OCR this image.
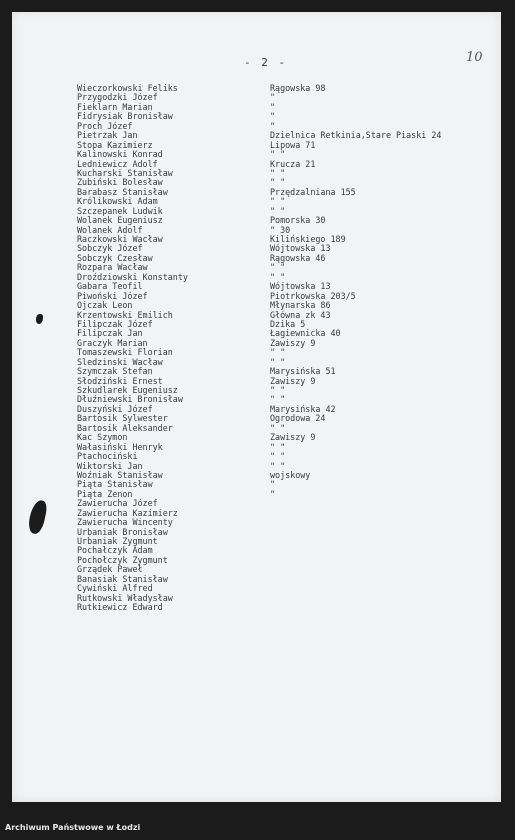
- 2 -	10
Wieczorkowski Feliks	Rągowska 98
Przygodzki Józef	"
Fieklarn Marian	"
Fidrysiak Bronisław	"
Proch Józef	"
Pietrzak Jan	Dzielnica Retkinia,Stare Piaski 24
Stopa Kazimierz	Lipowa 71
Kalinowski Konrad	" "
Ledniewicz Adolf	Krucza 21
Kucharski Stanisław	" "
Zubiński Bolesław	" "
Barabasz Stanisław	Przędzalniana 155
Królikowski Adam	" "
Szczepanek Ludwik	" "
Wolanek Eugeniusz	Pomorska 30
Wolanek Adolf	" 30
Raczkowski Wacław	Kilińskiego 189
Sobczyk Józef	Wójtowska 13
Sobczyk Czesław	Rągowska 46
Rozpara Wacław	" "
Droździowski Konstanty	" "
Gabara Teofil	Wójtowska 13
Piwoński Józef	Piotrkowska 203/5
Ojczak Leon	Młynarska 86
Krzentowski Emilich	Główna zk 43
Filipczak Józef	Dzika 5
Filipczak Jan	Łagiewnicka 40
Graczyk Marian	Zawiszy 9
Tomaszewski Florian	" "
Sledzinski Wacław	" "
Szymczak Stefan	Marysińska 51
Słodziński Ernest	Zawiszy 9
Szkudlarek Eugeniusz	" "
Dłuźniewski Bronisław	" "
Duszyński Józef	Marysińska 42
Bartosik Sylwester	Ogrodowa 24
Bartosik Aleksander	" "
Kac Szymon	Zawiszy 9
Wałasiński Henryk	" "
Ptachociński	" "
Wiktorski Jan	" "
Woźniak Stanisław	wojskowy
Piąta Stanisław	"
Piąta Zenon	"
Zawierucha Józef
Zawierucha Kazimierz
Zawierucha Wincenty
Urbaniak Bronisław
Urbaniak Zygmunt
Pochałczyk Adam
Pochołczyk Zygmunt
Grządek Paweł
Banasiak Stanisław
Cywiński Alfred
Rutkowski Władysław
Rutkiewicz Edward
Archiwum Państwowe w Łodzi
